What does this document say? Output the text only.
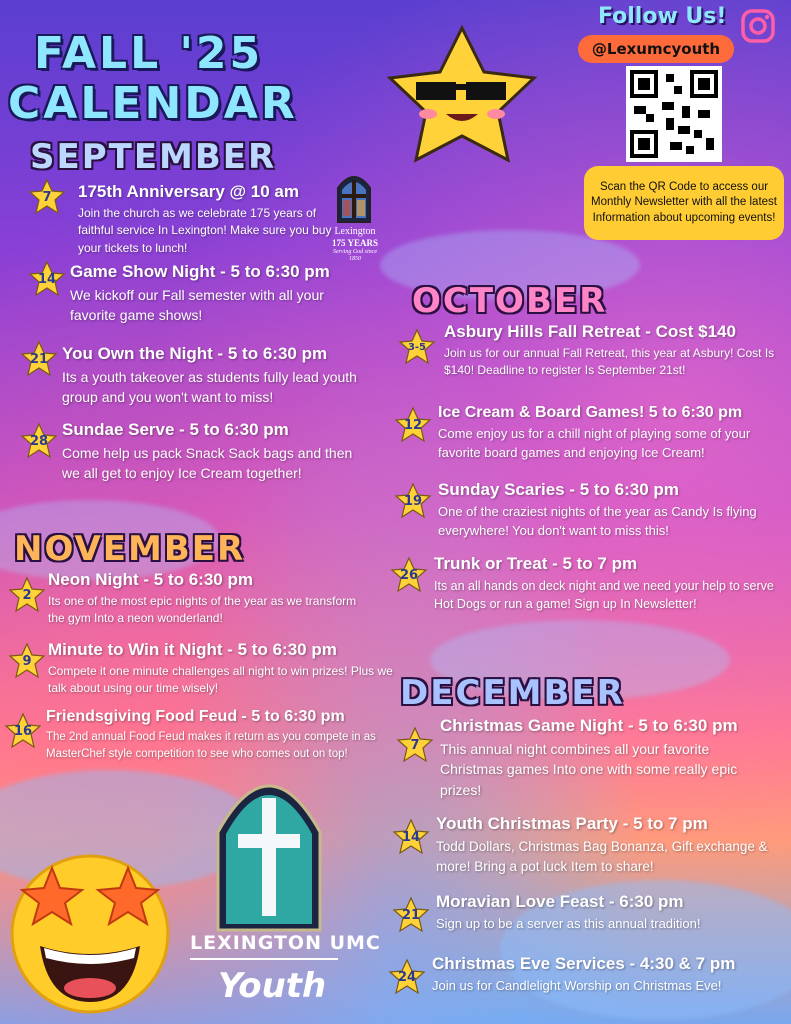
FALL '25
CALENDAR
Follow Us!
@Lexumcyouth
Scan the QR Code to access our Monthly Newsletter with all the latest Information about upcoming events!
Lexington
175 YEARS
Serving God since 1850
SEPTEMBER
7 175th Anniversary @ 10 am
Join the church as we celebrate 175 years of faithful service In Lexington! Make sure you buy your tickets to lunch!
14 Game Show Night - 5 to 6:30 pm
We kickoff our Fall semester with all your favorite game shows!
21 You Own the Night - 5 to 6:30 pm
Its a youth takeover as students fully lead youth group and you won't want to miss!
28
Sundae Serve - 5 to 6:30 pm
Come help us pack Snack Sack bags and then we all get to enjoy Ice Cream together!
OCTOBER
3-5
Asbury Hills Fall Retreat - Cost $140
Join us for our annual Fall Retreat, this year at Asbury! Cost Is $140! Deadline to register Is September 21st!
12
Ice Cream & Board Games! 5 to 6:30 pm
Come enjoy us for a chill night of playing some of your favorite board games and enjoying Ice Cream!
19
Sunday Scaries - 5 to 6:30 pm
One of the craziest nights of the year as Candy Is flying everywhere! You don't want to miss this!
26
Trunk or Treat - 5 to 7 pm
Its an all hands on deck night and we need your help to serve Hot Dogs or run a game! Sign up In Newsletter!
NOVEMBER
2
Neon Night - 5 to 6:30 pm
Its one of the most epic nights of the year as we transform the gym Into a neon wonderland!
9
Minute to Win it Night - 5 to 6:30 pm
Compete it one minute challenges all night to win prizes! Plus we talk about using our time wisely!
16
Friendsgiving Food Feud - 5 to 6:30 pm
The 2nd annual Food Feud makes it return as you compete in as MasterChef style competition to see who comes out on top!
DECEMBER
7
Christmas Game Night - 5 to 6:30 pm
This annual night combines all your favorite Christmas games Into one with some really epic prizes!
14
Youth Christmas Party - 5 to 7 pm
Todd Dollars, Christmas Bag Bonanza, Gift exchange & more! Bring a pot luck Item to share!
21
Moravian Love Feast - 6:30 pm
Sign up to be a server as this annual tradition!
24
Christmas Eve Services - 4:30 & 7 pm
Join us for Candlelight Worship on Christmas Eve!
LEXINGTON UMC
Youth
